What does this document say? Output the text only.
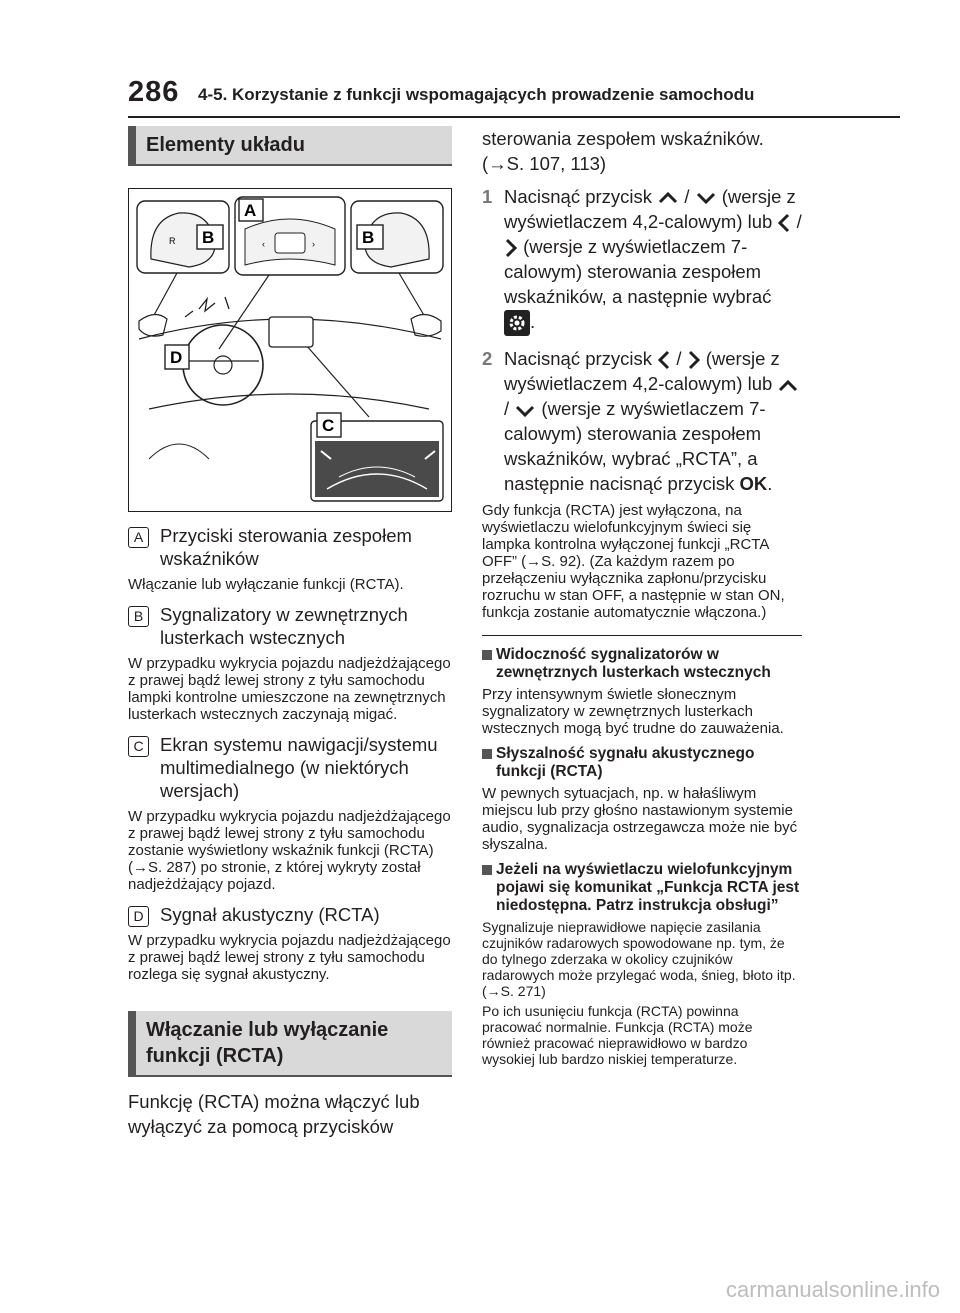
286 4-5. Korzystanie z funkcji wspomagających prowadzenie samochodu
Elementy układu
R	‹	›
A
B	B
D
C
A Przyciski sterowania zespołem wskaźników
Włączanie lub wyłączanie funkcji (RCTA).
B Sygnalizatory w zewnętrznych lusterkach wstecznych
W przypadku wykrycia pojazdu nadjeżdżającego z prawej bądź lewej strony z tyłu samochodu lampki kontrolne umieszczone na zewnętrznych lusterkach wstecznych zaczynają migać.
C Ekran systemu nawigacji/systemu multimedialnego (w niektórych wersjach)
W przypadku wykrycia pojazdu nadjeżdżającego z prawej bądź lewej strony z tyłu samochodu zostanie wyświetlony wskaźnik funkcji (RCTA) (→S. 287) po stronie, z której wykryty został nadjeżdżający pojazd.
D Sygnał akustyczny (RCTA)
W przypadku wykrycia pojazdu nadjeżdżającego z prawej bądź lewej strony z tyłu samochodu rozlega się sygnał akustyczny.
Włączanie lub wyłączanie funkcji (RCTA)
Funkcję (RCTA) można włączyć lub wyłączyć za pomocą przycisków
sterowania zespołem wskaźników. (→S. 107, 113)
1 Nacisnąć przycisk / (wersje z wyświetlaczem 4,2-calowym) lub /  (wersje z wyświetlaczem 7-calowym) sterowania zespołem wskaźników, a następnie wybrać .
2 Nacisnąć przycisk / (wersje z wyświetlaczem 4,2-calowym) lub  / (wersje z wyświetlaczem 7-calowym) sterowania zespołem wskaźników, wybrać „RCTA”, a następnie nacisnąć przycisk OK.
Gdy funkcja (RCTA) jest wyłączona, na wyświetlaczu wielofunkcyjnym świeci się lampka kontrolna wyłączonej funkcji „RCTA OFF” (→S. 92). (Za każdym razem po przełączeniu wyłącznika zapłonu/przycisku rozruchu w stan OFF, a następnie w stan ON, funkcja zostanie automatycznie włączona.)
Widoczność sygnalizatorów w zewnętrznych lusterkach wstecznych
Przy intensywnym świetle słonecznym sygnalizatory w zewnętrznych lusterkach wstecznych mogą być trudne do zauważenia.
Słyszalność sygnału akustycznego funkcji (RCTA)
W pewnych sytuacjach, np. w hałaśliwym miejscu lub przy głośno nastawionym systemie audio, sygnalizacja ostrzegawcza może nie być słyszalna.
Jeżeli na wyświetlaczu wielofunkcyjnym pojawi się komunikat „Funkcja RCTA jest niedostępna. Patrz instrukcja obsługi”
Sygnalizuje nieprawidłowe napięcie zasilania czujników radarowych spowodowane np. tym, że do tylnego zderzaka w okolicy czujników radarowych może przylegać woda, śnieg, błoto itp. (→S. 271)
Po ich usunięciu funkcja (RCTA) powinna pracować normalnie. Funkcja (RCTA) może również pracować nieprawidłowo w bardzo wysokiej lub bardzo niskiej temperaturze.
carmanualsonline.info
